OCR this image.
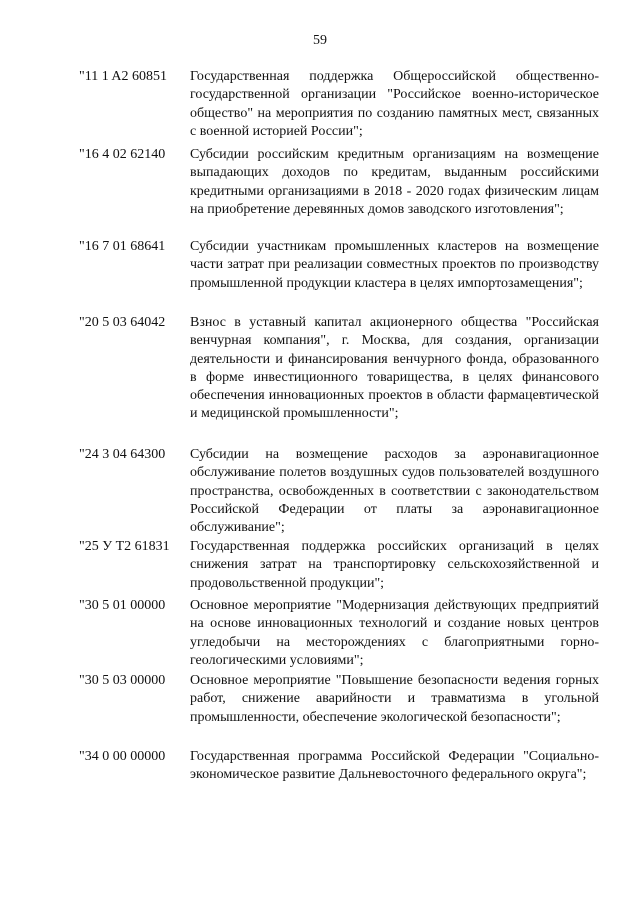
59
"11 1 A2 60851	Государственная поддержка Общероссийской общественно-государственной организации "Российское военно-историческое общество" на мероприятия по созданию памятных мест, связанных с военной историей России";
"16 4 02 62140	Субсидии российским кредитным организациям на возмещение выпадающих доходов по кредитам, выданным российскими кредитными организациями в 2018 - 2020 годах физическим лицам на приобретение деревянных домов заводского изготовления";
"16 7 01 68641	Субсидии участникам промышленных кластеров на возмещение части затрат при реализации совместных проектов по производству промышленной продукции кластера в целях импортозамещения";
"20 5 03 64042	Взнос в уставный капитал акционерного общества "Российская венчурная компания", г. Москва, для создания, организации деятельности и финансирования венчурного фонда, образованного в форме инвестиционного товарищества, в целях финансового обеспечения инновационных проектов в области фармацевтической и медицинской промышленности";
"24 3 04 64300	Субсидии на возмещение расходов за аэронавигационное обслуживание полетов воздушных судов пользователей воздушного пространства, освобожденных в соответствии с законодательством Российской Федерации от платы за аэронавигационное обслуживание";
"25 У Т2 61831	Государственная поддержка российских организаций в целях снижения затрат на транспортировку сельскохозяйственной и продовольственной продукции";
"30 5 01 00000	Основное мероприятие "Модернизация действующих предприятий на основе инновационных технологий и создание новых центров угледобычи на месторождениях с благоприятными горно-геологическими условиями";
"30 5 03 00000	Основное мероприятие "Повышение безопасности ведения горных работ, снижение аварийности и травматизма в угольной промышленности, обеспечение экологической безопасности";
"34 0 00 00000	Государственная программа Российской Федерации "Социально-экономическое развитие Дальневосточного федерального округа";
